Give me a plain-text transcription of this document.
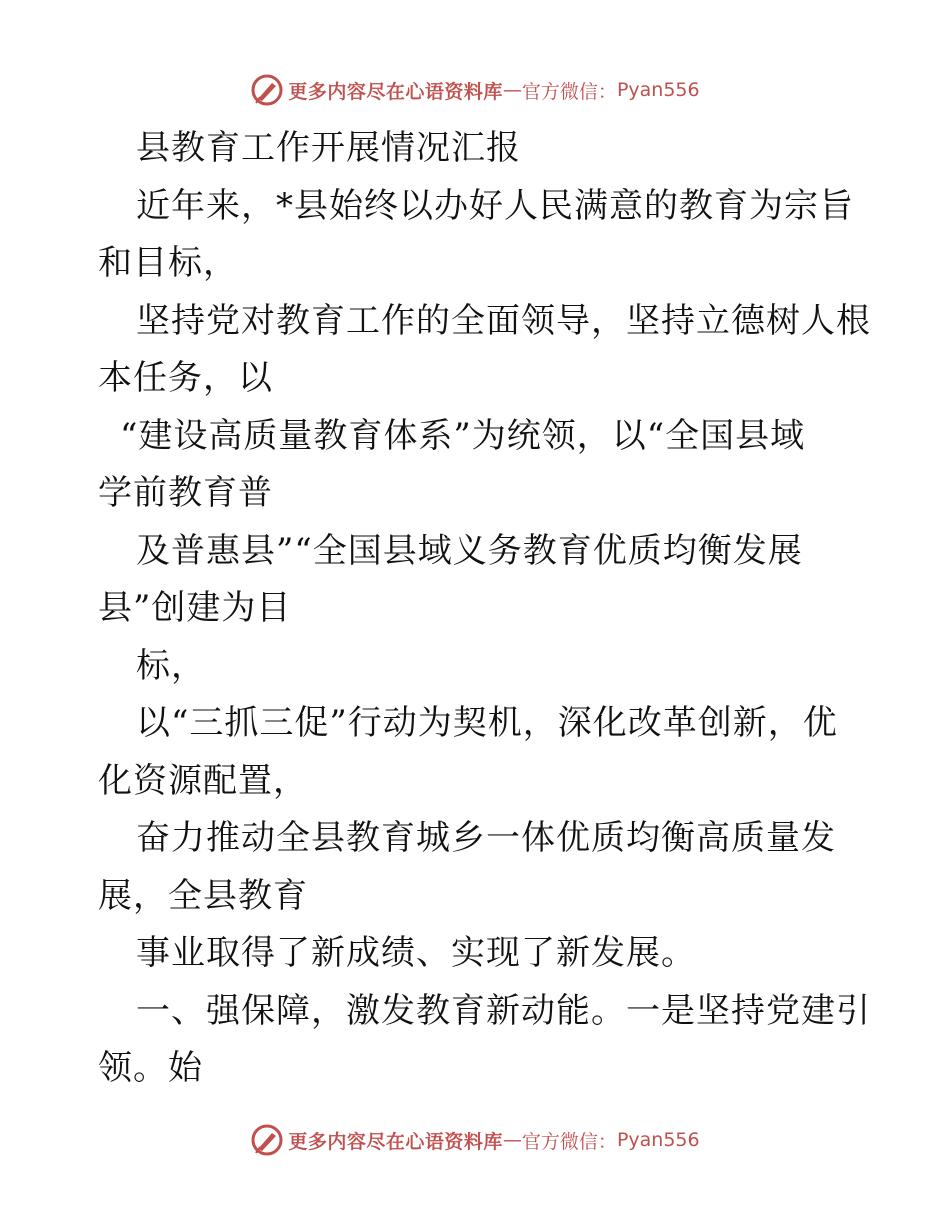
更多内容尽在心语资料库 — 官方微信： Pyan556
县教育工作开展情况汇报
近年来，*县始终以办好人民满意的教育为宗旨
和目标，
坚持党对教育工作的全面领导，坚持立德树人根
本任务，以
“建设高质量教育体系”为统领，以“全国县域
学前教育普
及普惠县”“全国县域义务教育优质均衡发展
县”创建为目
标，
以“三抓三促”行动为契机，深化改革创新，优
化资源配置，
奋力推动全县教育城乡一体优质均衡高质量发
展，全县教育
事业取得了新成绩、实现了新发展。
一、强保障，激发教育新动能。一是坚持党建引
领。始
更多内容尽在心语资料库 — 官方微信： Pyan556
